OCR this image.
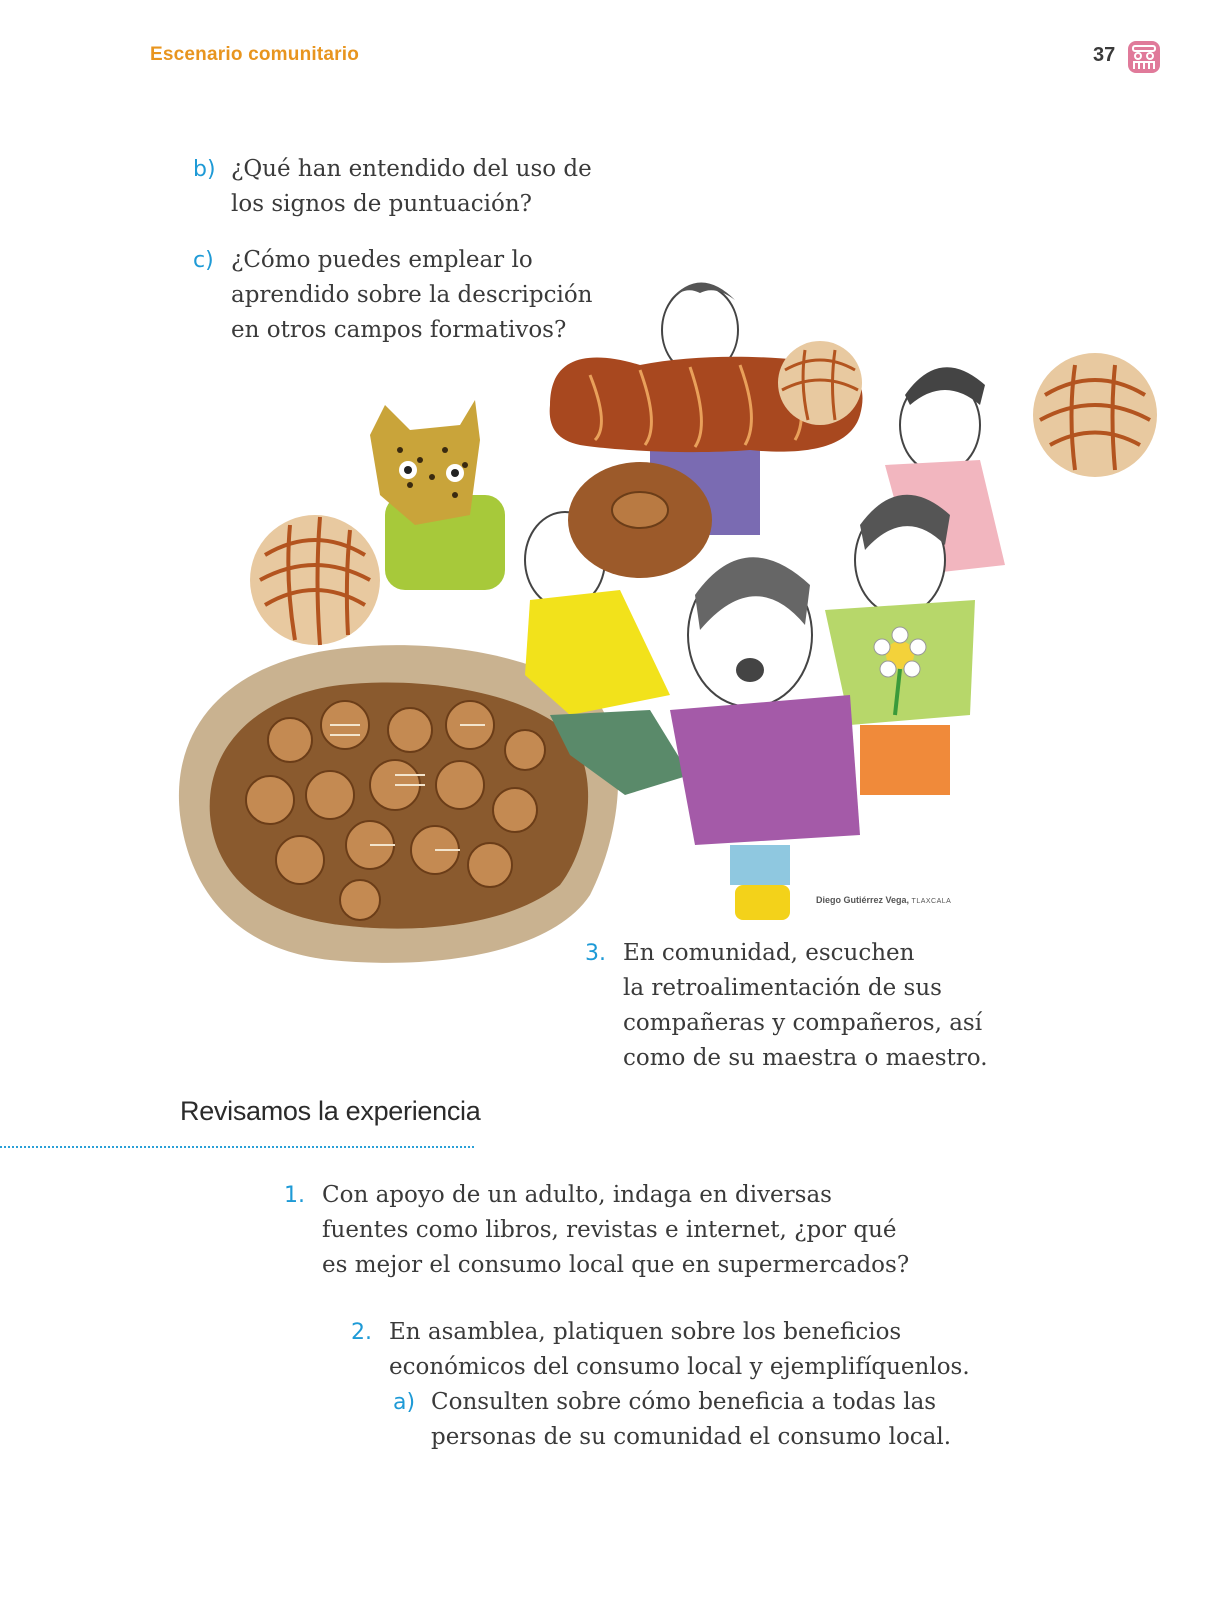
Escenario comunitario	37
b) ¿Qué han entendido del uso de
los signos de puntuación?
c) ¿Cómo puedes emplear lo
aprendido sobre la descripción
en otros campos formativos?
Diego Gutiérrez Vega, TLAXCALA
3. En comunidad, escuchen
la retroalimentación de sus
compañeras y compañeros, así
como de su maestra o maestro.
Revisamos la experiencia
1. Con apoyo de un adulto, indaga en diversas
fuentes como libros, revistas e internet, ¿por qué
es mejor el consumo local que en supermercados?
2. En asamblea, platiquen sobre los beneficios
económicos del consumo local y ejemplifíquenlos.
a) Consulten sobre cómo beneficia a todas las
personas de su comunidad el consumo local.
